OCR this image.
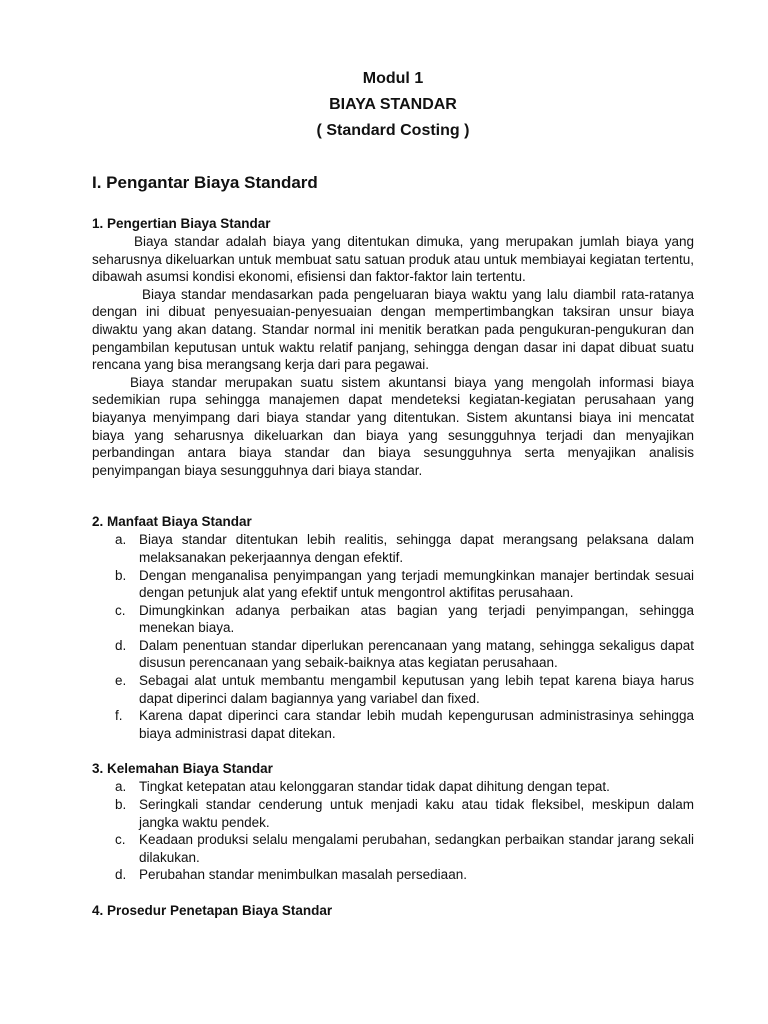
Modul 1
BIAYA STANDAR
( Standard Costing )
I. Pengantar Biaya Standard
1. Pengertian Biaya Standar

Biaya standar adalah biaya yang ditentukan dimuka, yang merupakan jumlah biaya yang seharusnya dikeluarkan untuk membuat satu satuan produk atau untuk membiayai kegiatan tertentu, dibawah asumsi kondisi ekonomi, efisiensi dan faktor-faktor lain tertentu.

Biaya standar mendasarkan pada pengeluaran biaya waktu yang lalu diambil rata-ratanya dengan ini dibuat penyesuaian-penyesuaian dengan mempertimbangkan taksiran unsur biaya diwaktu yang akan datang. Standar normal ini menitik beratkan pada pengukuran-pengukuran dan pengambilan keputusan untuk waktu relatif panjang, sehingga dengan dasar ini dapat dibuat suatu rencana yang bisa merangsang kerja dari para pegawai.

Biaya standar merupakan suatu sistem akuntansi biaya yang mengolah informasi biaya sedemikian rupa sehingga manajemen dapat mendeteksi kegiatan-kegiatan perusahaan yang biayanya menyimpang dari biaya standar yang ditentukan. Sistem akuntansi biaya ini mencatat biaya yang seharusnya dikeluarkan dan biaya yang sesungguhnya terjadi dan menyajikan perbandingan antara biaya standar dan biaya sesungguhnya serta menyajikan analisis penyimpangan biaya sesungguhnya dari biaya standar.

2. Manfaat Biaya Standar
a. Biaya standar ditentukan lebih realitis, sehingga dapat merangsang pelaksana dalam melaksanakan pekerjaannya dengan efektif.
b. Dengan menganalisa penyimpangan yang terjadi memungkinkan manajer bertindak sesuai dengan petunjuk alat yang efektif untuk mengontrol aktifitas perusahaan.
c. Dimungkinkan adanya perbaikan atas bagian yang terjadi penyimpangan, sehingga menekan biaya.
d. Dalam penentuan standar diperlukan perencanaan yang matang, sehingga sekaligus dapat disusun perencanaan yang sebaik-baiknya atas kegiatan perusahaan.
e. Sebagai alat untuk membantu mengambil keputusan yang lebih tepat karena biaya harus dapat diperinci dalam bagiannya yang variabel dan fixed.
f. Karena dapat diperinci cara standar lebih mudah kepengurusan administrasinya sehingga biaya administrasi dapat ditekan.
3. Kelemahan Biaya Standar
a. Tingkat ketepatan atau kelonggaran standar tidak dapat dihitung dengan tepat.
b. Seringkali standar cenderung untuk menjadi kaku atau tidak fleksibel, meskipun dalam jangka waktu pendek.
c. Keadaan produksi selalu mengalami perubahan, sedangkan perbaikan standar jarang sekali dilakukan.
d. Perubahan standar menimbulkan masalah persediaan.
4. Prosedur Penetapan Biaya Standar
